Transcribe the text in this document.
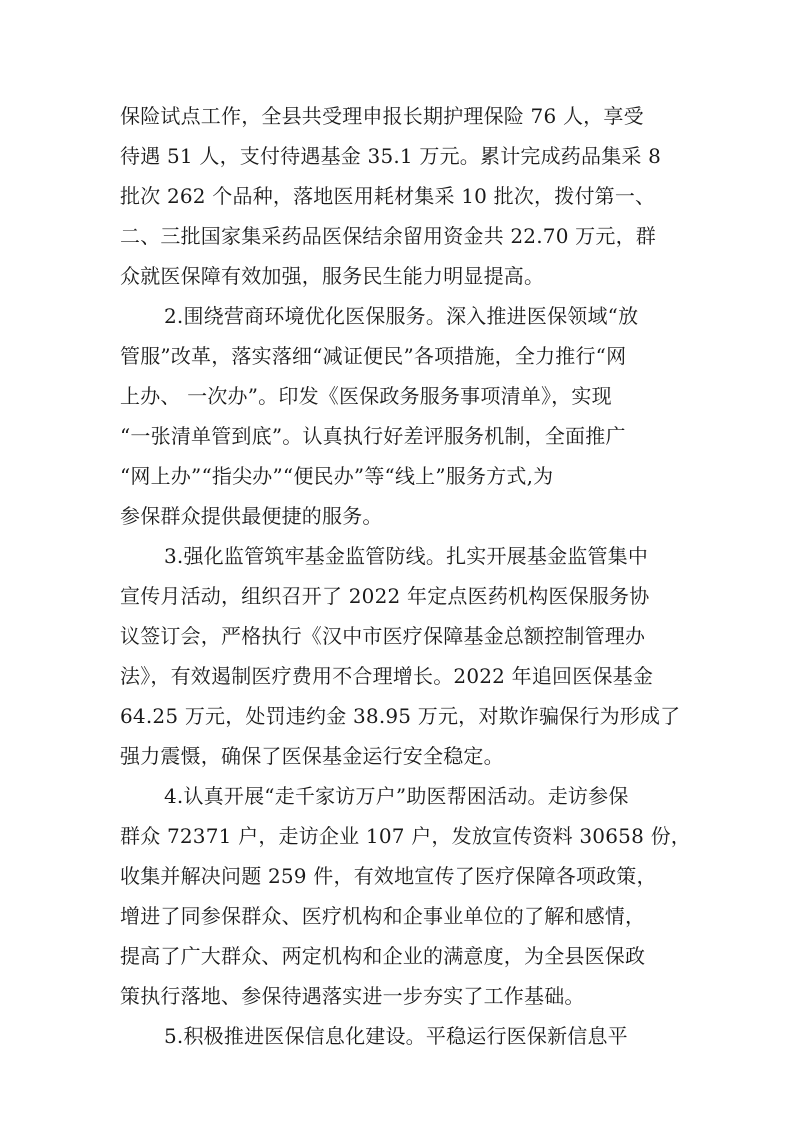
保险试点工作，全县共受理申报长期护理保险 76 人，享受
待遇 51 人，支付待遇基金 35.1 万元。累计完成药品集采 8
批次 262 个品种，落地医用耗材集采 10 批次，拨付第一、
二、三批国家集采药品医保结余留用资金共 22.70 万元，群
众就医保障有效加强，服务民生能力明显提高。
2.围绕营商环境优化医保服务。深入推进医保领域“放
管服”改革，落实落细“减证便民”各项措施，全力推行“网
上办、 一次办”。印发《医保政务服务事项清单》，实现
“一张清单管到底”。认真执行好差评服务机制，全面推广
“网上办”“指尖办”“便民办”等“线上”服务方式,为
参保群众提供最便捷的服务。
3.强化监管筑牢基金监管防线。扎实开展基金监管集中
宣传月活动，组织召开了 2022 年定点医药机构医保服务协
议签订会，严格执行《汉中市医疗保障基金总额控制管理办
法》，有效遏制医疗费用不合理增长。2022 年追回医保基金
64.25 万元，处罚违约金 38.95 万元，对欺诈骗保行为形成了
强力震慑，确保了医保基金运行安全稳定。
4.认真开展“走千家访万户”助医帮困活动。走访参保
群众 72371 户，走访企业 107 户，发放宣传资料 30658 份，
收集并解决问题 259 件，有效地宣传了医疗保障各项政策，
增进了同参保群众、医疗机构和企事业单位的了解和感情，
提高了广大群众、两定机构和企业的满意度，为全县医保政
策执行落地、参保待遇落实进一步夯实了工作基础。
5.积极推进医保信息化建设。平稳运行医保新信息平
